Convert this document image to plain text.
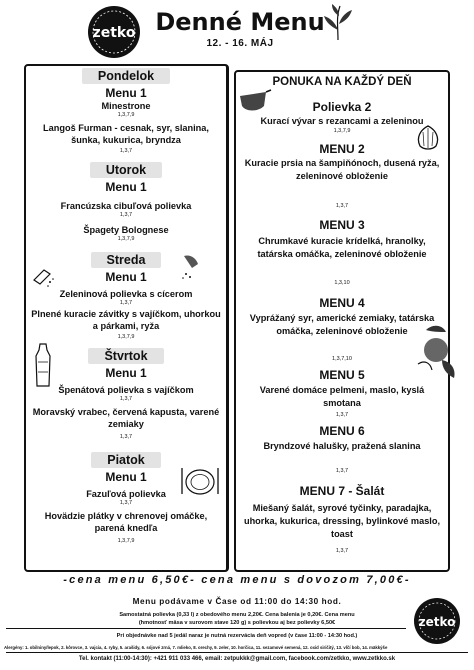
zetko Denné Menu
12. - 16. MÁJ
Pondelok
Menu 1
Minestrone
1,3,7,9
Langoš Furman - cesnak, syr, slanina, šunka, kukurica, bryndza
1,3,7
Utorok
Menu 1
Francúzska cibuľová polievka
1,3,7
Špagety Bolognese
1,3,7,9
Streda
Menu 1
Zeleninová polievka s cícerom
1,3,7
Plnené kuracie závitky s vajíčkom, uhorkou a párkami, ryža
1,3,7,9
Štvrtok
Menu 1
Špenátová polievka s vajíčkom
1,3,7
Moravský vrabec, červená kapusta, varené zemiaky
1,3,7
Piatok
Menu 1
Fazuľová polievka
1,3,7
Hovädzie plátky v chrenovej omáčke, parená knedľa
1,3,7,9
PONUKA NA KAŽDÝ DEŇ
Polievka 2
Kurací vývar s rezancami a zeleninou
1,3,7,9
MENU 2
Kuracie prsia na šampiňónoch, dusená ryža, zeleninové obloženie
1,3,7
MENU 3
Chrumkavé kuracie krídelká, hranolky, tatárska omáčka, zeleninové obloženie
1,3,10
MENU 4
Vyprážaný syr, americké zemiaky, tatárska omáčka, zeleninové obloženie
1,3,7,10
MENU 5
Varené domáce pelmeni, maslo, kyslá smotana
1,3,7
MENU 6
Bryndzové halušky, pražená slanina
1,3,7
MENU 7 - Šalát
Miešaný šalát, syrové tyčinky, paradajka, uhorka, kukurica, dressing, bylinkové maslo, toast
1,3,7
-cena menu 6,50€- cena menu s dovozom 7,00€-
Menu podávame v Čase od 11:00 do 14:30 hod.
Samostatná polievka (0,33 l) z obedového menu 2,20€. Cena balenia je 0,20€. Cena menu
(hmotnosť mäsa v surovom stave 120 g) s polievkou aj bez polievky 6,50€
Pri objednávke nad 5 jedál naraz je nutná rezervácia deň vopred (v čase 11:00 - 14:30 hod.)
Alergény: 1. obilniny/lepok, 2. kôrovce, 3. vajcia, 4. ryby, 5. arašidy, 6. sójové zrná, 7. mlieko, 8. orechy, 9. zeler, 10. horčica, 11. sezamové semená, 12. oxid siričitý, 13. vlčí bob, 14. mäkkýše
Tel. kontakt (11:00-14:30): +421 911 033 466, email: zetpukkk@gmail.com, facebook.com/zetkko, www.zetkko.sk
zetko
